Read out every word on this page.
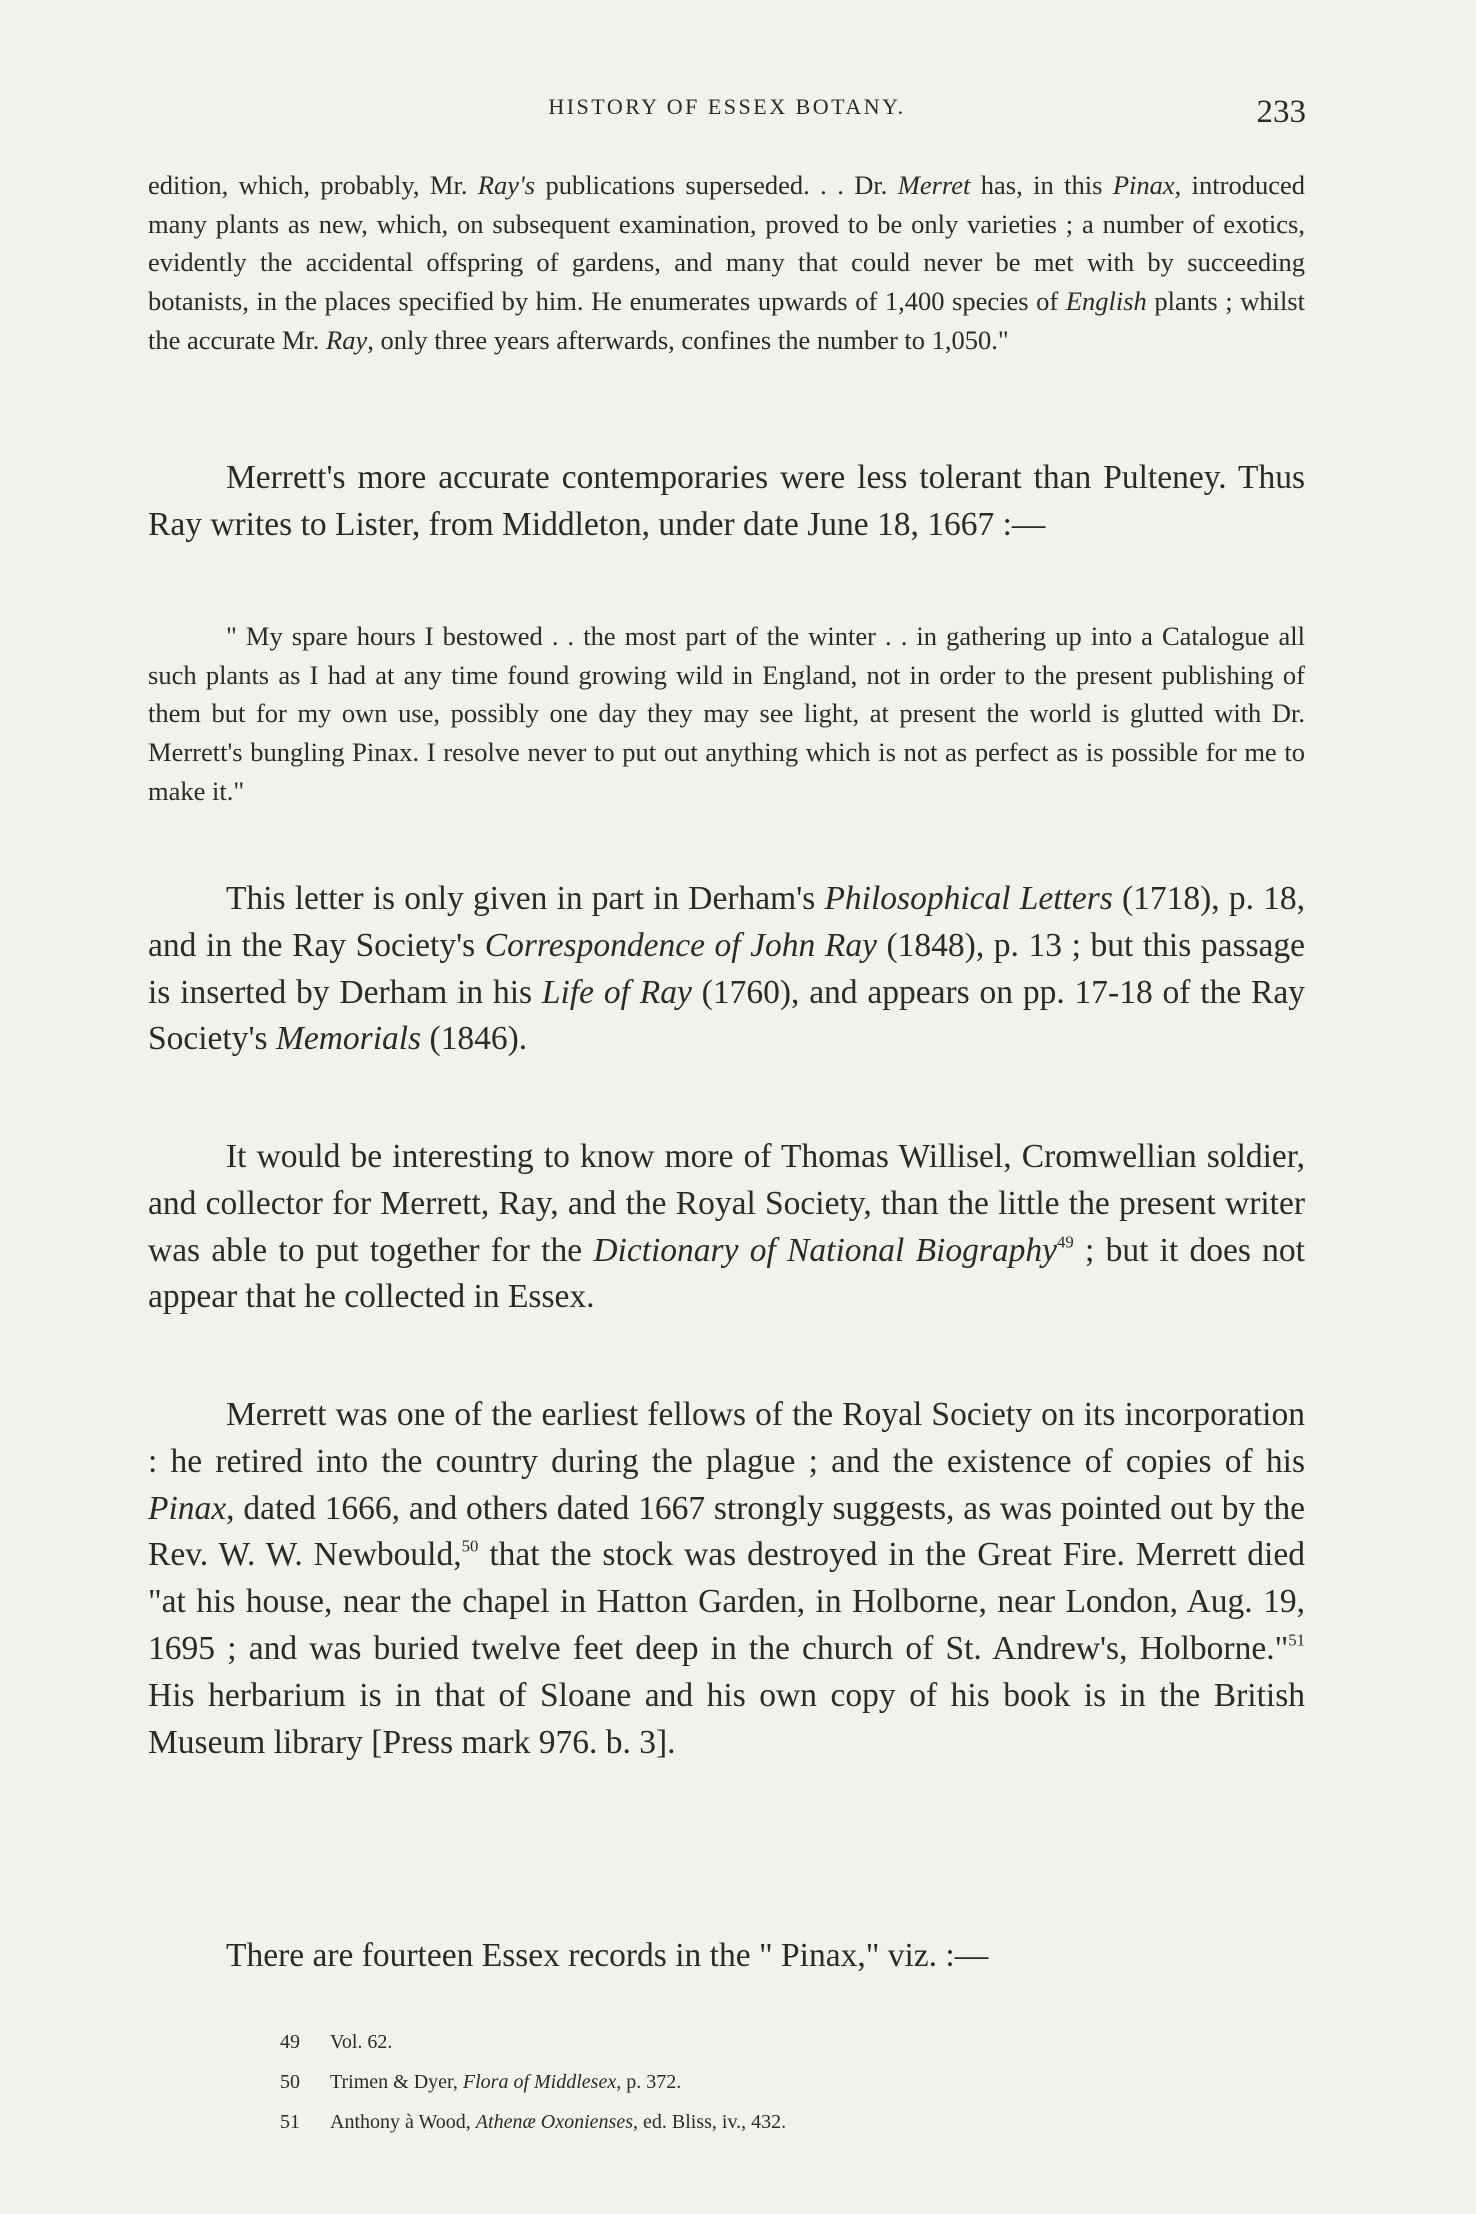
HISTORY OF ESSEX BOTANY.	233

edition, which, probably, Mr. Ray's publications superseded. . . Dr. Merret has, in this Pinax, introduced many plants as new, which, on subsequent examination, proved to be only varieties ; a number of exotics, evidently the accidental offspring of gardens, and many that could never be met with by succeeding botanists, in the places specified by him. He enumerates upwards of 1,400 species of English plants ; whilst the accurate Mr. Ray, only three years afterwards, confines the number to 1,050."

Merrett's more accurate contemporaries were less tolerant than Pulteney. Thus Ray writes to Lister, from Middleton, under date June 18, 1667 :—

" My spare hours I bestowed . . the most part of the winter . . in gathering up into a Catalogue all such plants as I had at any time found growing wild in England, not in order to the present publishing of them but for my own use, possibly one day they may see light, at present the world is glutted with Dr. Merrett's bungling Pinax. I resolve never to put out anything which is not as perfect as is possible for me to make it."

This letter is only given in part in Derham's Philosophical Letters (1718), p. 18, and in the Ray Society's Correspondence of John Ray (1848), p. 13 ; but this passage is inserted by Derham in his Life of Ray (1760), and appears on pp. 17-18 of the Ray Society's Memorials (1846).

It would be interesting to know more of Thomas Willisel, Cromwellian soldier, and collector for Merrett, Ray, and the Royal Society, than the little the present writer was able to put together for the Dictionary of National Biography$^{49}$ ; but it does not appear that he collected in Essex.

Merrett was one of the earliest fellows of the Royal Society on its incorporation : he retired into the country during the plague ; and the existence of copies of his Pinax, dated 1666, and others dated 1667 strongly suggests, as was pointed out by the Rev. W. W. Newbould,$^{50}$ that the stock was destroyed in the Great Fire. Merrett died "at his house, near the chapel in Hatton Garden, in Holborne, near London, Aug. 19, 1695 ; and was buried twelve feet deep in the church of St. Andrew's, Holborne."$^{51}$ His herbarium is in that of Sloane and his own copy of his book is in the British Museum library [Press mark 976. b. 3].

There are fourteen Essex records in the " Pinax," viz. :—

49 Vol. 62.
50 Trimen & Dyer, Flora of Middlesex, p. 372.
51 Anthony à Wood, Athenæ Oxonienses, ed. Bliss, iv., 432.
